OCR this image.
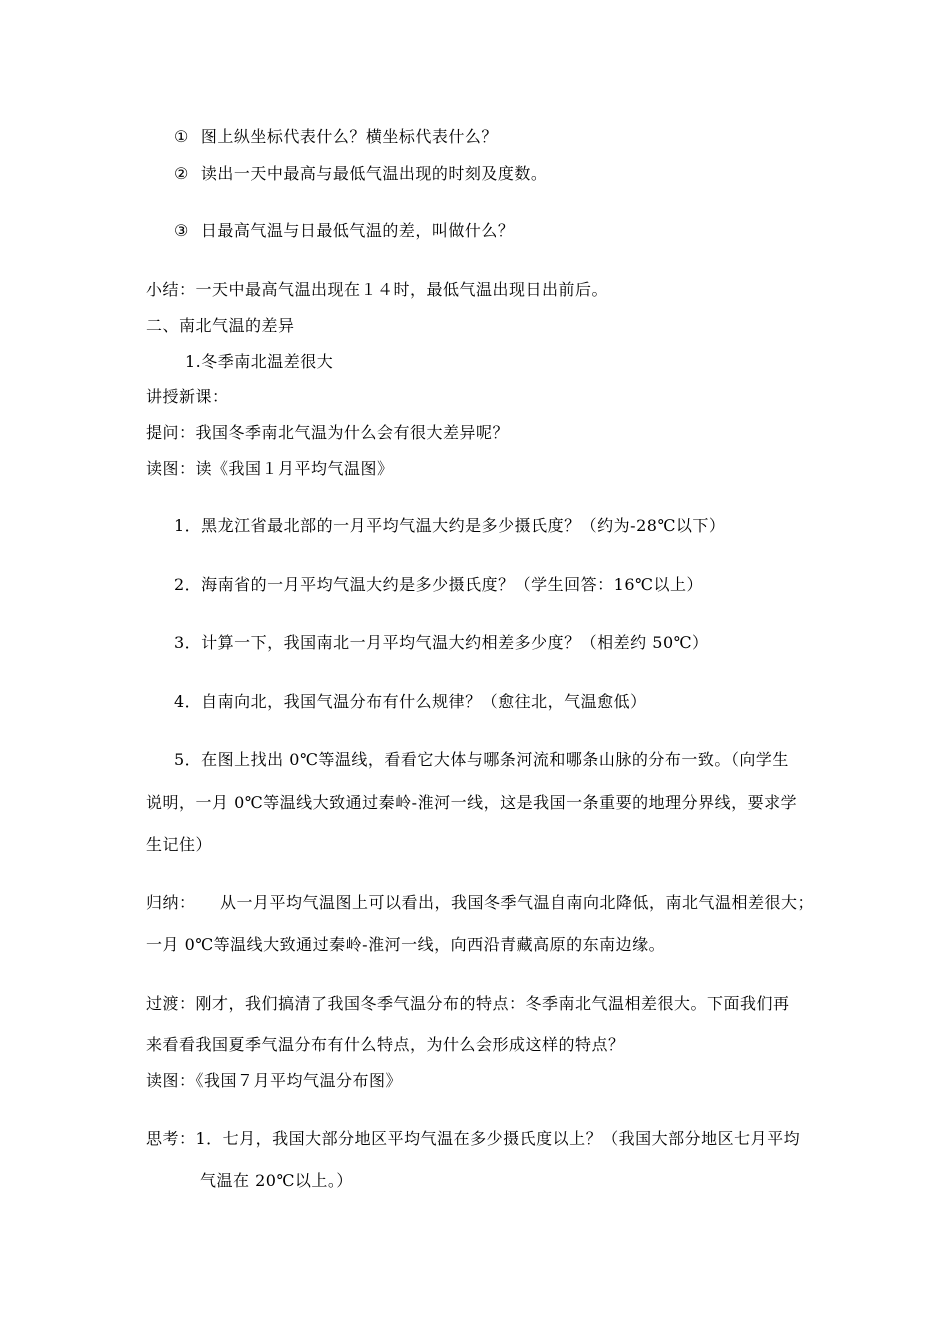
① 图上纵坐标代表什么？横坐标代表什么？
② 读出一天中最高与最低气温出现的时刻及度数。
③ 日最高气温与日最低气温的差，叫做什么？
小结：一天中最高气温出现在１４时，最低气温出现日出前后。
二、南北气温的差异
1.冬季南北温差很大
讲授新课：
提问：我国冬季南北气温为什么会有很大差异呢？
读图：读《我国１月平均气温图》
1．黑龙江省最北部的一月平均气温大约是多少摄氏度？（约为-28℃以下）
2．海南省的一月平均气温大约是多少摄氏度？（学生回答：16℃以上）
3．计算一下，我国南北一月平均气温大约相差多少度？（相差约 50℃）
4．自南向北，我国气温分布有什么规律？（愈往北，气温愈低）
5．在图上找出 0℃等温线，看看它大体与哪条河流和哪条山脉的分布一致。（向学生
说明，一月 0℃等温线大致通过秦岭-淮河一线，这是我国一条重要的地理分界线，要求学
生记住）
归纳： 从一月平均气温图上可以看出，我国冬季气温自南向北降低，南北气温相差很大；
一月 0℃等温线大致通过秦岭-淮河一线，向西沿青藏高原的东南边缘。
过渡：刚才，我们搞清了我国冬季气温分布的特点：冬季南北气温相差很大。下面我们再
来看看我国夏季气温分布有什么特点，为什么会形成这样的特点？
读图：《我国７月平均气温分布图》
思考：1．七月，我国大部分地区平均气温在多少摄氏度以上？（我国大部分地区七月平均
气温在 20℃以上。）
